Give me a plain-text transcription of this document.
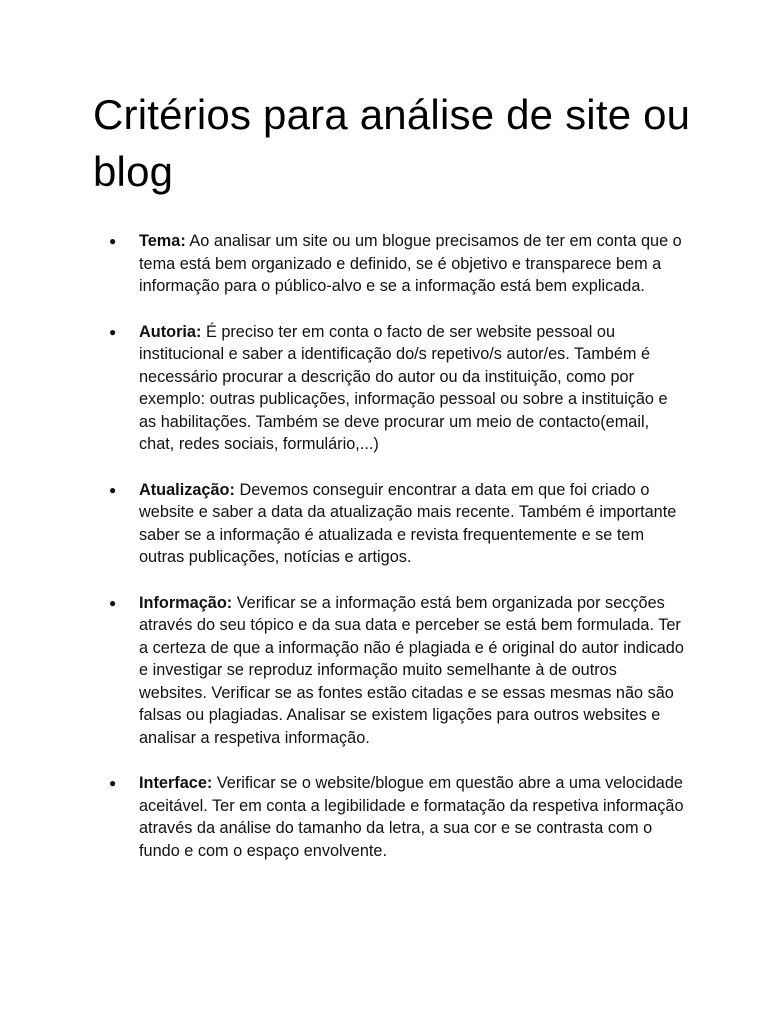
Critérios para análise de site ou blog
●	Tema: Ao analisar um site ou um blogue precisamos de ter em conta que o tema está bem organizado e definido, se é objetivo e transparece bem a informação para o público-alvo e se a informação está bem explicada.
●	Autoria: É preciso ter em conta o facto de ser website pessoal ou institucional e saber a identificação do/s repetivo/s autor/es. Também é necessário procurar a descrição do autor ou da instituição, como por exemplo: outras publicações, informação pessoal ou sobre a instituição e as habilitações. Também se deve procurar um meio de contacto(email, chat, redes sociais, formulário,...)
●	Atualização: Devemos conseguir encontrar a data em que foi criado o website e saber a data da atualização mais recente. Também é importante saber se a informação é atualizada e revista frequentemente e se tem outras publicações, notícias e artigos.
●	Informação: Verificar se a informação está bem organizada por secções através do seu tópico e da sua data e perceber se está bem formulada. Ter a certeza de que a informação não é plagiada e é original do autor indicado e investigar se reproduz informação muito semelhante à de outros websites. Verificar se as fontes estão citadas e se essas mesmas não são falsas ou plagiadas. Analisar se existem ligações para outros websites e analisar a respetiva informação.
●	Interface: Verificar se o website/blogue em questão abre a uma velocidade aceitável. Ter em conta a legibilidade e formatação da respetiva informação através da análise do tamanho da letra, a sua cor e se contrasta com o fundo e com o espaço envolvente.
